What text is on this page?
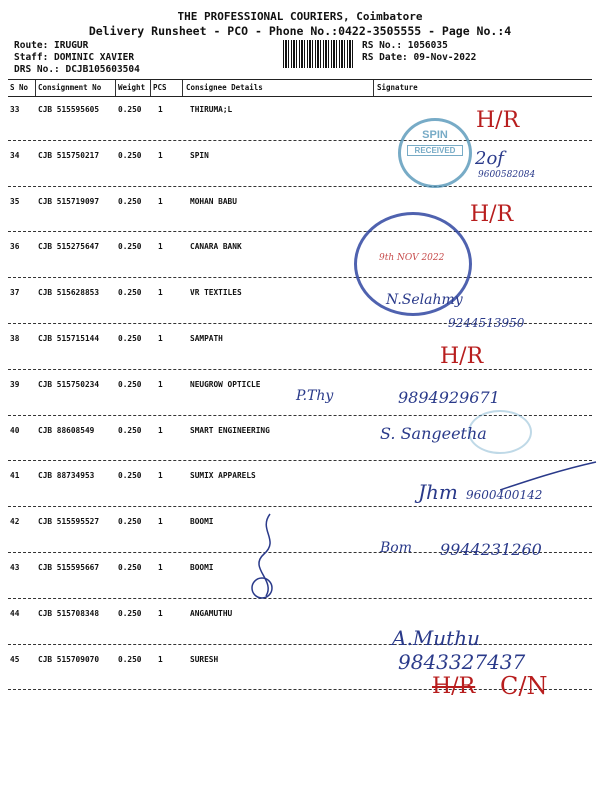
THE PROFESSIONAL COURIERS, Coimbatore
Delivery Runsheet - PCO - Phone No.:0422-3505555 - Page No.:4
Route: IRUGUR
Staff: DOMINIC XAVIER
DRS No.: DCJB105603504
RS No.: 1056035
RS Date: 09-Nov-2022
S No Consignment No Weight PCS	Consignee Details	Signature
33 CJB 515595605 0.250 1	THIRUMA;L
34 CJB 515750217 0.250 1	SPIN
35 CJB 515719097 0.250 1	MOHAN BABU
36 CJB 515275647 0.250 1	CANARA BANK
37 CJB 515628853 0.250 1	VR TEXTILES
38 CJB 515715144 0.250 1	SAMPATH
39 CJB 515750234 0.250 1	NEUGROW OPTICLE
40 CJB 88608549	0.250 1	SMART ENGINEERING
41 CJB 88734953	0.250 1	SUMIX APPARELS
42 CJB 515595527 0.250 1	BOOMI
43 CJB 515595667 0.250 1	BOOMI
44 CJB 515708348 0.250 1	ANGAMUTHU
45 CJB 515709070 0.250 1	SURESH
SPIN
RECEIVED
9th NOV 2022
H/R
2of
9600582084
H/R
N.Selahmy
9244513950
H/R
P.Thy	9894929671
S. Sangeetha
Jhm 9600400142
Bom 9944231260
A.Muthu
9843327437
H/R C/N
